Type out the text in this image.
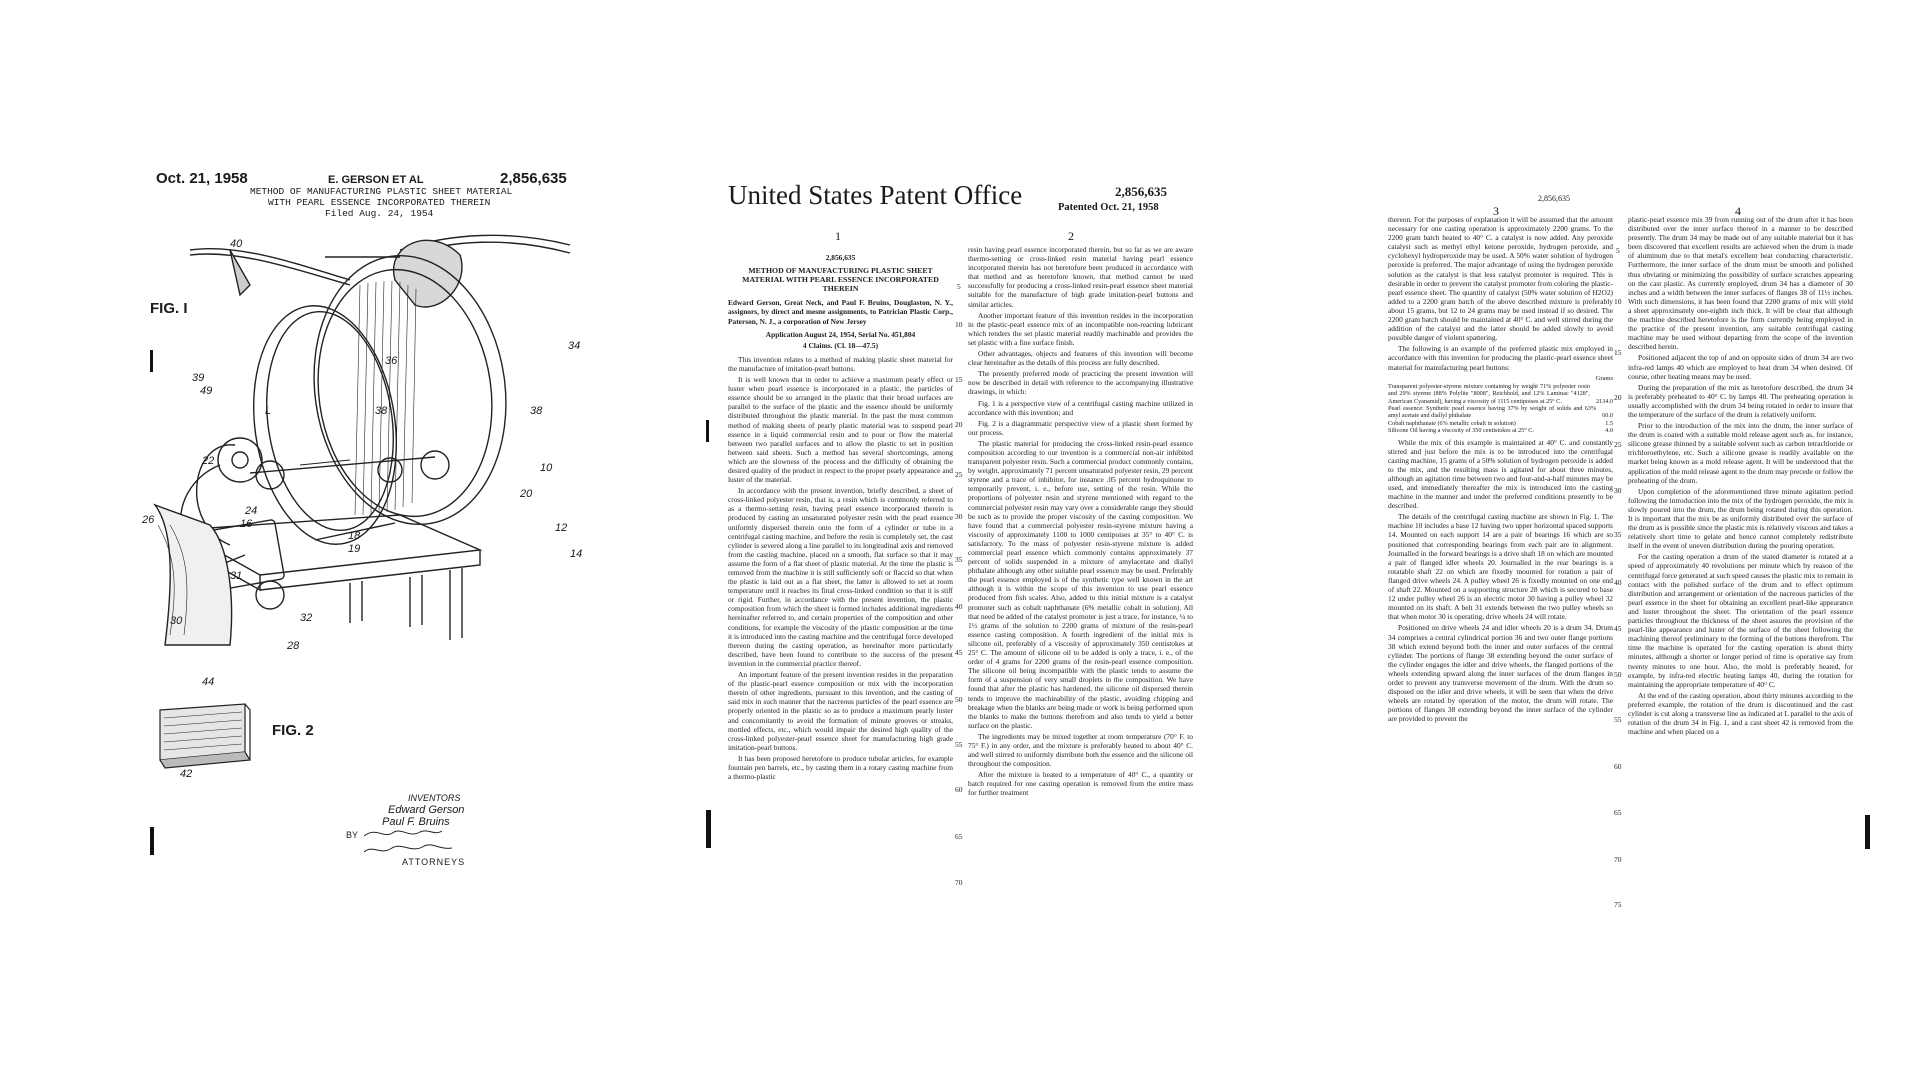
Oct. 21, 1958	E. GERSON ET AL	2,856,635
METHOD OF MANUFACTURING PLASTIC SHEET MATERIAL
WITH PEARL ESSENCE INCORPORATED THEREIN
Filed Aug. 24, 1954
FIG. I
40
36
34
39
49
L	38	38
22
10
24
20
26	16
18
19
12
14
31
30	32
28
44
42
FIG. 2
INVENTORS
Edward Gerson
Paul F. Bruins
BY
ATTORNEYS
United States Patent Office	2,856,635
Patented Oct. 21, 1958
2,856,635
1	2
3	4
2,856,635
METHOD OF MANUFACTURING PLASTIC SHEET MATERIAL WITH PEARL ESSENCE INCORPORATED THEREIN
Edward Gerson, Great Neck, and Paul F. Bruins, Douglaston, N. Y., assignors, by direct and mesne assignments, to Patrician Plastic Corp., Paterson, N. J., a corporation of New Jersey
Application August 24, 1954, Serial No. 451,804
4 Claims. (Cl. 18—47.5)

This invention relates to a method of making plastic sheet material for the manufacture of imitation-pearl buttons.

It is well known that in order to achieve a maximum pearly effect or luster when pearl essence is incorporated in a plastic, the particles of essence should be so arranged in the plastic that their broad surfaces are parallel to the surface of the plastic and the essence should be uniformly distributed throughout the plastic material. In the past the most common method of making sheets of pearly plastic material was to suspend pearl essence in a liquid commercial resin and to pour or flow the material between two parallel surfaces and to allow the plastic to set in position between said sheets. Such a method has several shortcomings, among which are the slowness of the process and the difficulty of obtaining the desired quality of the product in respect to the proper pearly appearance and luster of the material.

In accordance with the present invention, briefly described, a sheet of cross-linked polyester resin, that is, a resin which is commonly referred to as a thermo-setting resin, having pearl essence incorporated therein is produced by casting an unsaturated polyester resin with the pearl essence uniformly dispersed therein onto the form of a cylinder or tube in a centrifugal casting machine, and before the resin is completely set, the cast cylinder is severed along a line parallel to its longitudinal axis and removed from the casting machine, placed on a smooth, flat surface so that it may assume the form of a flat sheet of plastic material. At the time the plastic is removed from the machine it is still sufficiently soft or flaccid so that when the plastic is laid out as a flat sheet, the latter is allowed to set at room temperature until it reaches its final cross-linked condition so that it is stiff or rigid. Further, in accordance with the present invention, the plastic composition from which the sheet is formed includes additional ingredients hereinafter referred to, and certain properties of the composition and other conditions, for example the viscosity of the plastic composition at the time it is introduced into the casting machine and the centrifugal force developed thereon during the casting operation, as hereinafter more particularly described, have been found to contribute to the success of the present invention in the commercial practice thereof.

An important feature of the present invention resides in the preparation of the plastic-pearl essence composition or mix with the incorporation therein of other ingredients, pursuant to this invention, and the casting of said mix in such manner that the nacreous particles of the pearl essence are properly oriented in the plastic so as to produce a maximum pearly luster and concomitantly to avoid the formation of minute grooves or streaks, mottled effects, etc., which would impair the desired high quality of the cross-linked polyester-pearl essence sheet for manufacturing high grade imitation-pearl buttons.

It has been proposed heretofore to produce tubular articles, for example fountain pen barrels, etc., by casting them in a rotary casting machine from a thermo-plastic

5
10
15
20
25
30
35
40
45
50
55
60
65
70

resin having pearl essence incorporated therein, but so far as we are aware thermo-setting or cross-linked resin material having pearl essence incorporated therein has not heretofore been produced in accordance with that method and as heretofore known, that method cannot be used successfully for producing a cross-linked resin-pearl essence sheet material suitable for the manufacture of high grade imitation-pearl buttons and similar articles.

Another important feature of this invention resides in the incorporation in the plastic-pearl essence mix of an incompatible non-reacting lubricant which renders the set plastic material readily machinable and provides the set plastic with a fine surface finish.

Other advantages, objects and features of this invention will become clear hereinafter as the details of this process are fully described.

The presently preferred mode of practicing the present invention will now be described in detail with reference to the accompanying illustrative drawings, in which:

Fig. 1 is a perspective view of a centrifugal casting machine utilized in accordance with this invention; and

Fig. 2 is a diagrammatic perspective view of a plastic sheet formed by our process.

The plastic material for producing the cross-linked resin-pearl essence composition according to our invention is a commercial non-air inhibited transparent polyester resin. Such a commercial product commonly contains, by weight, approximately 71 percent unsaturated polyester resin, 29 percent styrene and a trace of inhibitor, for instance .05 percent hydroquinone to temporarily prevent, i. e., before use, setting of the resin. While the proportions of polyester resin and styrene mentioned with regard to the commercial polyester resin may vary over a considerable range they should be such as to provide the proper viscosity of the casting composition. We have found that a commercial polyester resin-styrene mixture having a viscosity of approximately 1100 to 1000 centipoises at 35° to 40° C. is satisfactory. To the mass of polyester resin-styrene mixture is added commercial pearl essence which commonly contains approximately 37 percent of solids suspended in a mixture of amylacetate and diallyl phthalate although any other suitable pearl essence may be used. Preferably the pearl essence employed is of the synthetic type well known in the art although it is within the scope of this invention to use pearl essence produced from fish scales. Also, added to this initial mixture is a catalyst promoter such as cobalt naphthanate (6% metallic cobalt in solution). All that need be added of the catalyst promoter is just a trace, for instance, ¼ to 1½ grams of the solution to 2200 grams of mixture of the resin-pearl essence casting composition. A fourth ingredient of the initial mix is silicone oil, preferably of a viscosity of approximately 350 centistokes at 25° C. The amount of silicone oil to be added is only a trace, i. e., of the order of 4 grams for 2200 grams of the resin-pearl essence composition. The silicone oil being incompatible with the plastic tends to assume the form of a suspension of very small droplets in the composition. We have found that after the plastic has hardened, the silicone oil dispersed therein tends to improve the machinability of the plastic, avoiding chipping and breakage when the blanks are being made or work is being performed upon the blanks to make the buttons therefrom and also tends to yield a better surface on the plastic.

The ingredients may be mixed together at room temperature (70° F. to 75° F.) in any order, and the mixture is preferably heated to about 40° C. and well stirred to uniformly distribute both the essence and the silicone oil throughout the composition.

After the mixture is heated to a temperature of 40° C., a quantity or batch required for one casting operation is removed from the entire mass for further treatment

thereon. For the purposes of explanation it will be assumed that the amount necessary for one casting operation is approximately 2200 grams. To the 2200 gram batch heated to 40° C. a catalyst is now added. Any peroxide catalyst such as methyl ethyl ketone peroxide, hydrogen peroxide, and cyclohexyl hydroperoxide may be used. A 50% water solution of hydrogen peroxide is preferred. The major advantage of using the hydrogen peroxide solution as the catalyst is that less catalyst promoter is required. This is desirable in order to prevent the catalyst promoter from coloring the plastic-pearl essence sheet. The quantity of catalyst (50% water solution of H2O2) added to a 2200 gram batch of the above described mixture is preferably about 15 grams, but 12 to 24 grams may be used instead if so desired. The 2200 gram batch should be maintained at 40° C. and well stirred during the addition of the catalyst and the latter should be added slowly to avoid possible danger of violent spattering.

The following is an example of the preferred plastic mix employed in accordance with this invention for producing the plastic-pearl essence sheet material for manufacturing pearl buttons:

Grams
Transparent polyester-styrene mixture containing by weight 71% polyester resin and 29% styrene (88% Polylite "8008", Reichhold, and 12% Laminac "4128", American Cyanamid), having a viscosity of 1115 centipoises at 25° C.	2134.0
Pearl essence: Synthetic pearl essence having 37% by weight of solids and 63% amyl acetate and diallyl phthalate	60.0
Cobalt naphthanate (6% metallic cobalt in solution)	1.5
Silicone Oil having a viscosity of 350 centistokes at 25° C.	4.0

While the mix of this example is maintained at 40° C. and constantly stirred and just before the mix is to be introduced into the centrifugal casting machine, 15 grams of a 50% solution of hydrogen peroxide is added to the mix, and the resulting mass is agitated for about three minutes, although an agitation time between two and four-and-a-half minutes may be used, and immediately thereafter the mix is introduced into the casting machine in the manner and under the preferred conditions presently to be described.

The details of the centrifugal casting machine are shown in Fig. 1. The machine 10 includes a base 12 having two upper horizontal spaced supports 14. Mounted on each support 14 are a pair of bearings 16 which are so positioned that corresponding bearings from each pair are in alignment. Journalled in the forward bearings is a drive shaft 18 on which are mounted a pair of flanged idler wheels 20. Journalled in the rear bearings is a rotatable shaft 22 on which are fixedly mounted for rotation a pair of flanged drive wheels 24. A pulley wheel 26 is fixedly mounted on one end of shaft 22. Mounted on a supporting structure 28 which is secured to base 12 under pulley wheel 26 is an electric motor 30 having a pulley wheel 32 mounted on its shaft. A belt 31 extends between the two pulley wheels so that when motor 30 is operating, drive wheels 24 will rotate.

Positioned on drive wheels 24 and idler wheels 20 is a drum 34. Drum 34 comprises a central cylindrical portion 36 and two outer flange portions 38 which extend beyond both the inner and outer surfaces of the central cylinder. The portions of flange 38 extending beyond the outer surface of the cylinder engages the idler and drive wheels, the flanged portions of the wheels extending upward along the inner surfaces of the drum flanges in order to prevent any transverse movement of the drum. With the drum so disposed on the idler and drive wheels, it will be seen that when the drive wheels are rotated by operation of the motor, the drum will rotate. The portions of flanges 38 extending beyond the inner surface of the cylinder are provided to prevent the

5
10
15
20
25
30
35
40
45
50
55
60
65
70
75

plastic-pearl essence mix 39 from running out of the drum after it has been distributed over the inner surface thereof in a manner to be described presently. The drum 34 may be made out of any suitable material but it has been discovered that excellent results are achieved when the drum is made of aluminum due to that metal's excellent heat conducting characteristic. Furthermore, the inner surface of the drum must be smooth and polished thus obviating or minimizing the possibility of surface scratches appearing on the cast plastic. As currently employed, drum 34 has a diameter of 30 inches and a width between the inner surfaces of flanges 38 of 11½ inches. With such dimensions, it has been found that 2200 grams of mix will yield a sheet approximately one-eighth inch thick. It will be clear that although the machine described heretofore is the form currently being employed in the practice of the present invention, any suitable centrifugal casting machine may be used without departing from the scope of the invention described herein.

Positioned adjacent the top of and on opposite sides of drum 34 are two infra-red lamps 40 which are employed to heat drum 34 when desired. Of course, other heating means may be used.

During the preparation of the mix as heretofore described, the drum 34 is preferably preheated to 40° C. by lamps 40. The preheating operation is usually accomplished with the drum 34 being rotated in order to insure that the temperature of the surface of the drum is relatively uniform.

Prior to the introduction of the mix into the drum, the inner surface of the drum is coated with a suitable mold release agent such as, for instance, silicone grease thinned by a suitable solvent such as carbon tetrachloride or trichloroethylene, etc. Such a silicone grease is readily available on the market being known as a mold release agent. It will be understood that the application of the mold release agent to the drum may precede or follow the preheating of the drum.

Upon completion of the aforementioned three minute agitation period following the introduction into the mix of the hydrogen peroxide, the mix is slowly poured into the drum, the drum being rotated during this operation. It is important that the mix be as uniformly distributed over the surface of the drum as is possible since the plastic mix is relatively viscous and takes a relatively short time to gelate and hence cannot completely redistribute itself in the event of uneven distribution during the pouring operation.

For the casting operation a drum of the stated diameter is rotated at a speed of approximately 40 revolutions per minute which by reason of the centrifugal force generated at such speed causes the plastic mix to remain in contact with the polished surface of the drum and to effect optimum distribution and arrangement or orientation of the nacreous particles of the pearl essence in the sheet for obtaining an excellent pearl-like appearance and luster throughout the sheet. The orientation of the pearl essence particles throughout the thickness of the sheet assures the provision of the pearl-like appearance and luster of the surface of the sheet following the machining thereof preliminary to the forming of the buttons therefrom. The time the machine is operated for the casting operation is about thirty minutes, although a shorter or longer period of time is operative say from twenty minutes to one hour. Also, the mold is preferably heated, for example, by infra-red electric heating lamps 40, during the rotation for maintaining the appropriate temperature of 40° C.

At the end of the casting operation, about thirty minutes according to the preferred example, the rotation of the drum is discontinued and the cast cylinder is cut along a transverse line as indicated at L parallel to the axis of rotation of the drum 34 in Fig. 1, and a cast sheet 42 is removed from the machine and when placed on a
